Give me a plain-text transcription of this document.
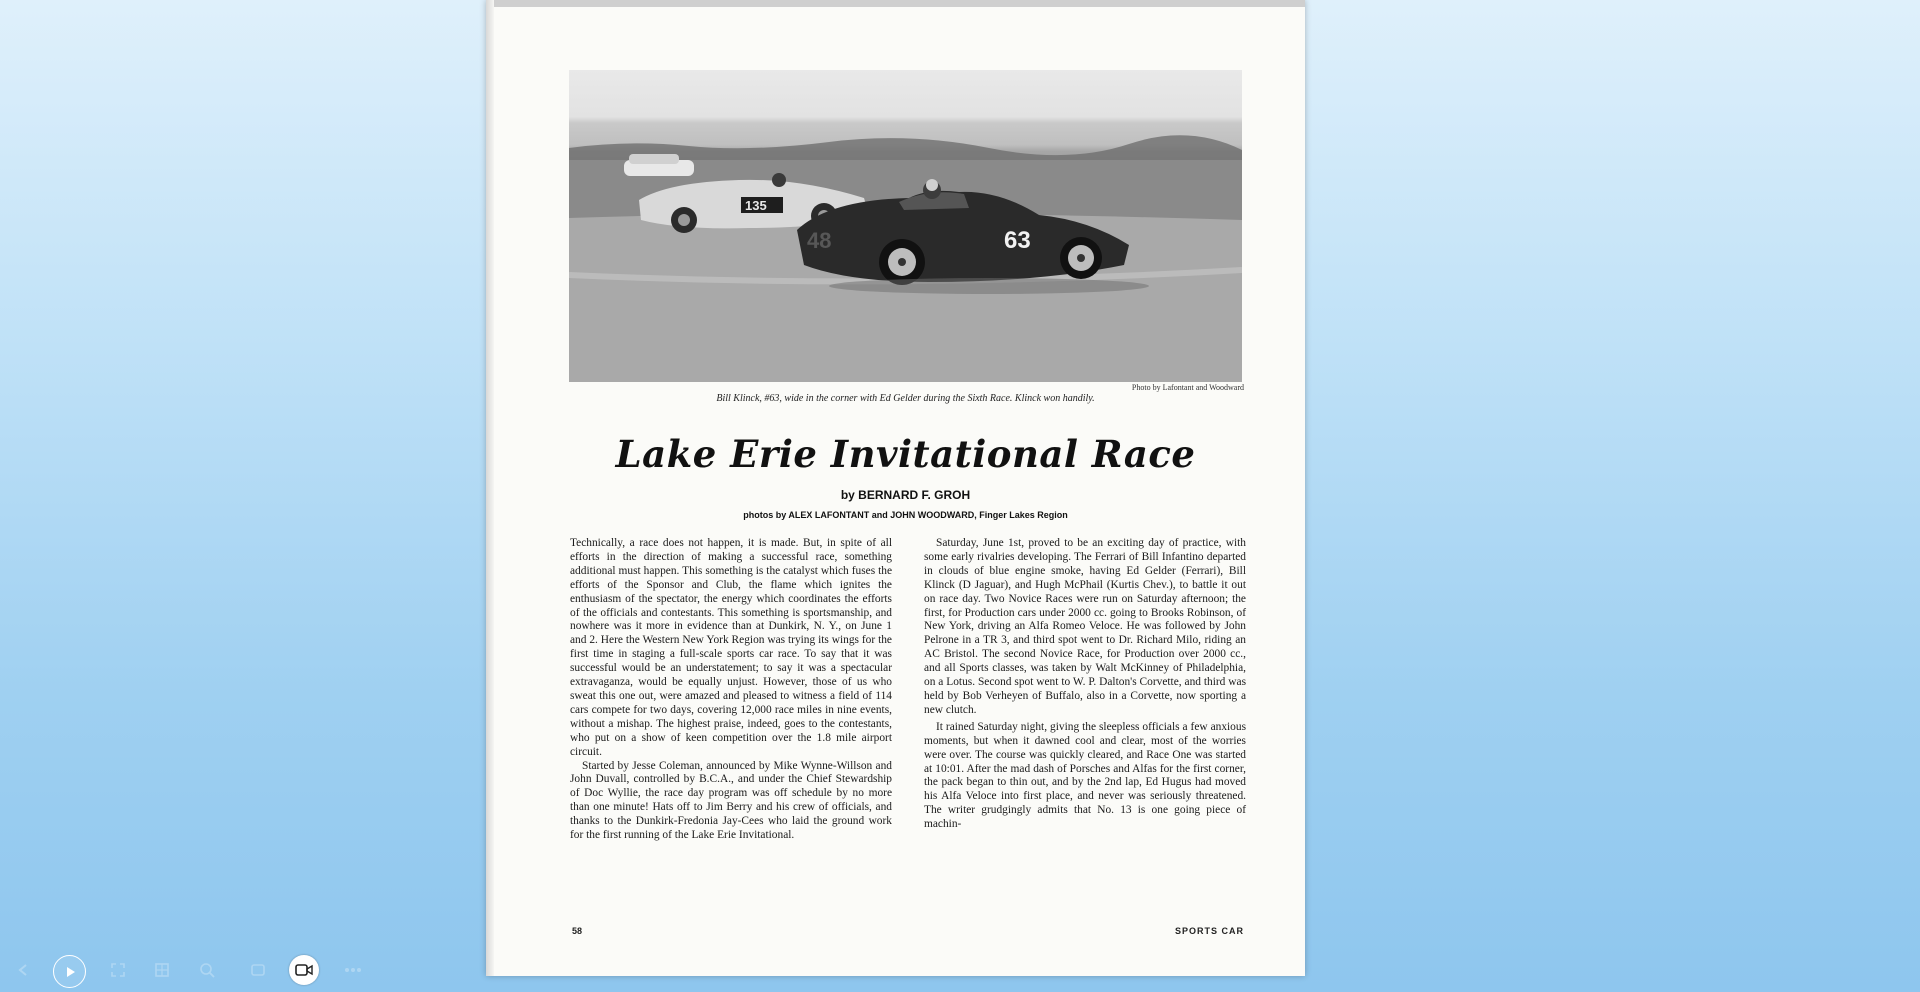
135
63
48
Photo by Lafontant and Woodward
Bill Klinck, #63, wide in the corner with Ed Gelder during the Sixth Race. Klinck won handily.
Lake Erie Invitational Race
by BERNARD F. GROH
photos by ALEX LAFONTANT and JOHN WOODWARD, Finger Lakes Region

Technically, a race does not happen, it is made. But, in spite of all efforts in the direction of making a successful race, something additional must happen. This something is the catalyst which fuses the efforts of the Sponsor and Club, the flame which ignites the enthusiasm of the spectator, the energy which coordinates the efforts of the officials and contestants. This something is sportsmanship, and nowhere was it more in evidence than at Dunkirk, N. Y., on June 1 and 2. Here the Western New York Region was trying its wings for the first time in staging a full-scale sports car race. To say that it was successful would be an understatement; to say it was a spectacular extravaganza, would be equally unjust. However, those of us who sweat this one out, were amazed and pleased to witness a field of 114 cars compete for two days, covering 12,000 race miles in nine events, without a mishap. The highest praise, indeed, goes to the contestants, who put on a show of keen competition over the 1.8 mile airport circuit.

Started by Jesse Coleman, announced by Mike Wynne-Willson and John Duvall, controlled by B.C.A., and under the Chief Stewardship of Doc Wyllie, the race day program was off schedule by no more than one minute! Hats off to Jim Berry and his crew of officials, and thanks to the Dunkirk-Fredonia Jay-Cees who laid the ground work for the first running of the Lake Erie Invitational.

Saturday, June 1st, proved to be an exciting day of practice, with some early rivalries developing. The Ferrari of Bill Infantino departed in clouds of blue engine smoke, having Ed Gelder (Ferrari), Bill Klinck (D Jaguar), and Hugh McPhail (Kurtis Chev.), to battle it out on race day. Two Novice Races were run on Saturday afternoon; the first, for Production cars under 2000 cc. going to Brooks Robinson, of New York, driving an Alfa Romeo Veloce. He was followed by John Pelrone in a TR 3, and third spot went to Dr. Richard Milo, riding an AC Bristol. The second Novice Race, for Production over 2000 cc., and all Sports classes, was taken by Walt McKinney of Philadelphia, on a Lotus. Second spot went to W. P. Dalton's Corvette, and third was held by Bob Verheyen of Buffalo, also in a Corvette, now sporting a new clutch.

It rained Saturday night, giving the sleepless officials a few anxious moments, but when it dawned cool and clear, most of the worries were over. The course was quickly cleared, and Race One was started at 10:01. After the mad dash of Porsches and Alfas for the first corner, the pack began to thin out, and by the 2nd lap, Ed Hugus had moved his Alfa Veloce into first place, and never was seriously threatened. The writer grudgingly admits that No. 13 is one going piece of machin-

58	SPORTS CAR
